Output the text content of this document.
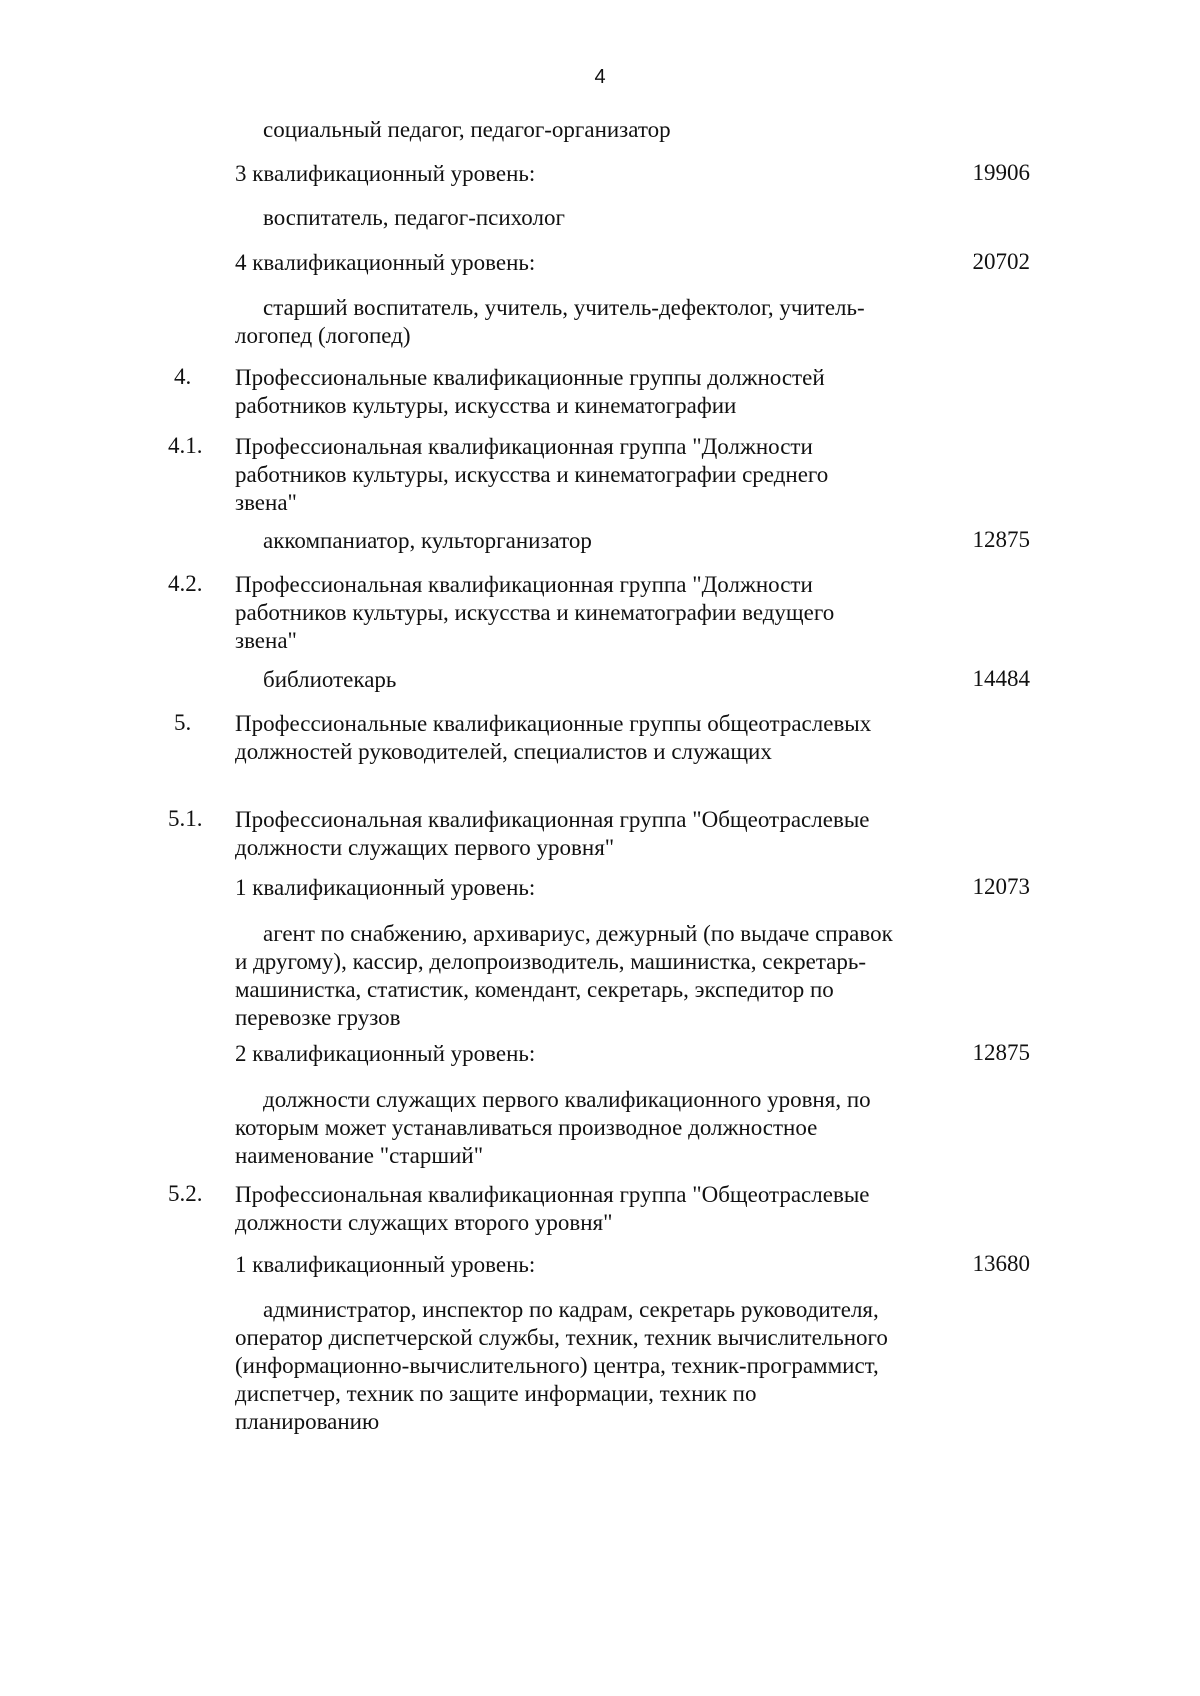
4
социальный педагог, педагог-организатор
3 квалификационный уровень:	19906
воспитатель, педагог-психолог
4 квалификационный уровень:	20702
старший воспитатель, учитель, учитель-дефектолог, учитель-логопед (логопед)
4.	Профессиональные квалификационные группы должностей работников культуры, искусства и кинематографии
4.1.	Профессиональная квалификационная группа "Должности работников культуры, искусства и кинематографии среднего звена"
аккомпаниатор, культорганизатор	12875
4.2.	Профессиональная квалификационная группа "Должности работников культуры, искусства и кинематографии ведущего звена"
библиотекарь	14484
5.	Профессиональные квалификационные группы общеотраслевых должностей руководителей, специалистов и служащих
5.1.	Профессиональная квалификационная группа "Общеотраслевые должности служащих первого уровня"
1 квалификационный уровень:	12073
агент по снабжению, архивариус, дежурный (по выдаче справок и другому), кассир, делопроизводитель, машинистка, секретарь-машинистка, статистик, комендант, секретарь, экспедитор по перевозке грузов
2 квалификационный уровень:	12875
должности служащих первого квалификационного уровня, по которым может устанавливаться производное должностное наименование "старший"
5.2.	Профессиональная квалификационная группа "Общеотраслевые должности служащих второго уровня"
1 квалификационный уровень:	13680
администратор, инспектор по кадрам, секретарь руководителя, оператор диспетчерской службы, техник, техник вычислительного (информационно-вычислительного) центра, техник-программист, диспетчер, техник по защите информации, техник по планированию
